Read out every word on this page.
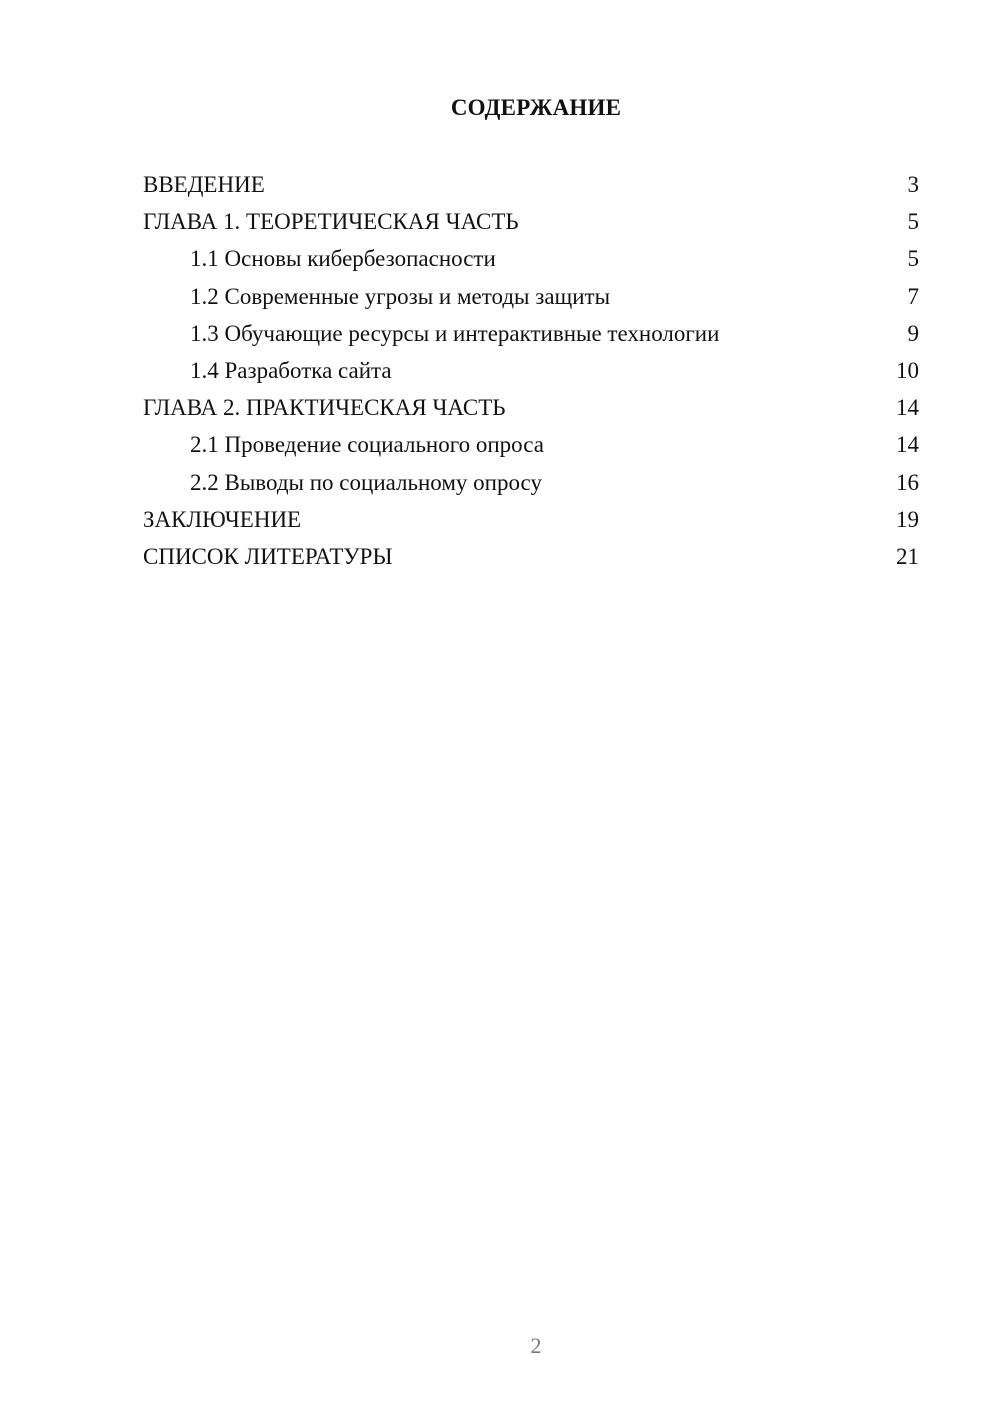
СОДЕРЖАНИЕ
ВВЕДЕНИЕ	3
ГЛАВА 1. ТЕОРЕТИЧЕСКАЯ ЧАСТЬ	5
1.1 Основы кибербезопасности	5
1.2 Современные угрозы и методы защиты	7
1.3 Обучающие ресурсы и интерактивные технологии	9
1.4 Разработка сайта	10
ГЛАВА 2. ПРАКТИЧЕСКАЯ ЧАСТЬ	14
2.1 Проведение социального опроса	14
2.2 Выводы по социальному опросу	16
ЗАКЛЮЧЕНИЕ	19
СПИСОК ЛИТЕРАТУРЫ	21
2
